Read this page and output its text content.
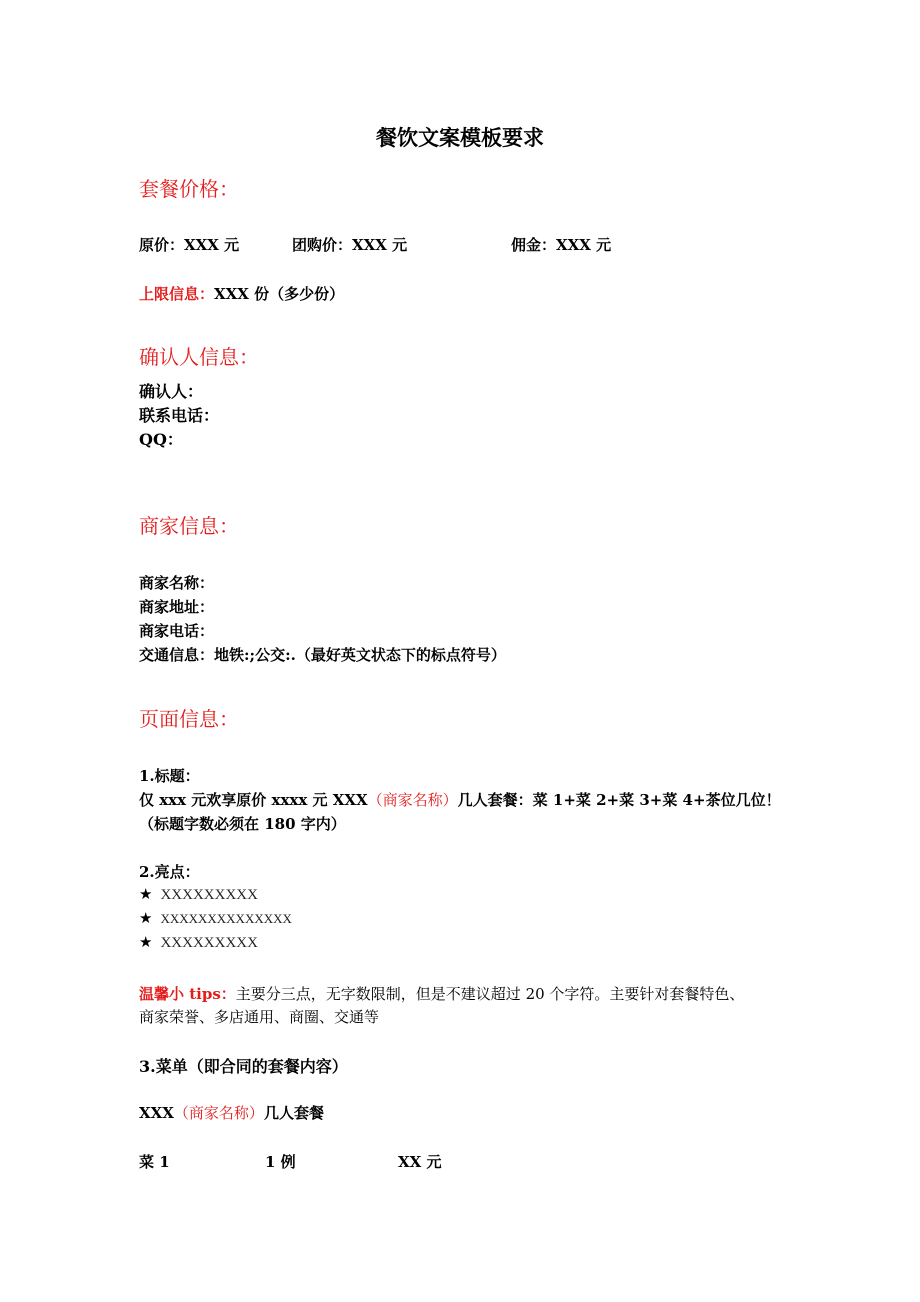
餐饮文案模板要求
套餐价格：
原价：XXX 元	团购价：XXX 元	佣金：XXX 元
上限信息：XXX 份（多少份）
确认人信息：
确认人：
联系电话：
QQ：
商家信息：
商家名称：
商家地址：
商家电话：
交通信息：地铁:;公交:.（最好英文状态下的标点符号）
页面信息：
1.标题：
仅 xxx 元欢享原价 xxxx 元 XXX（商家名称）几人套餐：菜 1+菜 2+菜 3+菜 4+茶位几位！
（标题字数必须在 180 字内）
2.亮点：
★ XXXXXXXXX
★ XXXXXXXXXXXXXX
★ XXXXXXXXX
温馨小 tips：主要分三点，无字数限制，但是不建议超过 20 个字符。主要针对套餐特色、
商家荣誉、多店通用、商圈、交通等
3.菜单（即合同的套餐内容）
XXX（商家名称）几人套餐
菜 1	1 例	XX 元
